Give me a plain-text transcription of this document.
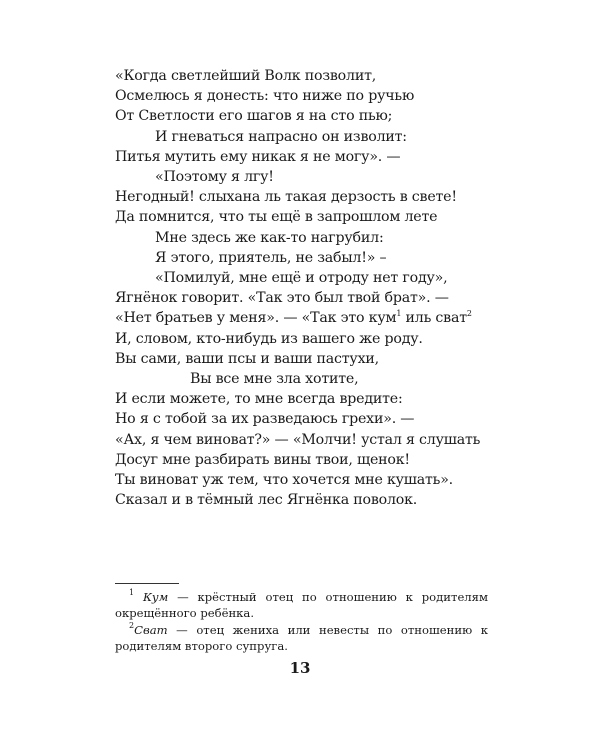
«Когда светлейший Волк позволит,
Осмелюсь я донесть: что ниже по ручью
От Светлости его шагов я на сто пью;
И гневаться напрасно он изволит:
Питья мутить ему никак я не могу». —
«Поэтому я лгу!
Негодный! слыхана ль такая дерзость в свете!
Да помнится, что ты ещё в запрошлом лете
Мне здесь же как-то нагрубил:
Я этого, приятель, не забыл!» –
«Помилуй, мне ещё и отроду нет году»,
Ягнёнок говорит. «Так это был твой брат». —
«Нет братьев у меня». — «Так это кум$^1$ иль сват$^2$
И, словом, кто-нибудь из вашего же роду.
Вы сами, ваши псы и ваши пастухи,
Вы все мне зла хотите,
И если можете, то мне всегда вредите:
Но я с тобой за их разведаюсь грехи». —
«Ах, я чем виноват?» — «Молчи! устал я слушать
Досуг мне разбирать вины твои, щенок!
Ты виноват уж тем, что хочется мне кушать».
Сказал и в тёмный лес Ягнёнка поволок.
$^1$ Кум — крёстный отец по отношению к родителям окрещённого ребёнка.
$^2$Сват — отец жениха или невесты по отношению к родителям второго супруга.
13
